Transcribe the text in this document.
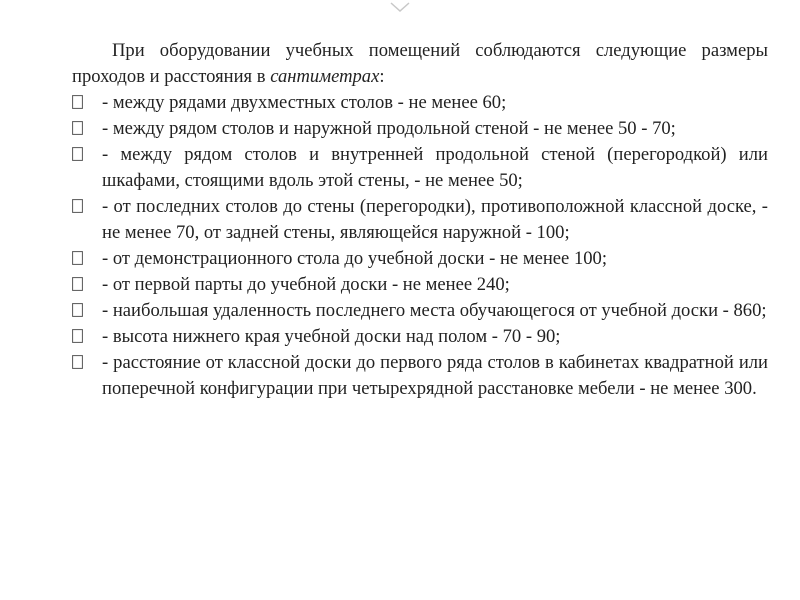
При оборудовании учебных помещений соблюдаются следующие размеры проходов и расстояния в сантиметрах:

- между рядами двухместных столов - не менее 60;
- между рядом столов и наружной продольной стеной - не менее 50 - 70;
- между рядом столов и внутренней продольной стеной (перегородкой) или шкафами, стоящими вдоль этой стены, - не менее 50;
- от последних столов до стены (перегородки), противоположной классной доске, - не менее 70, от задней стены, являющейся наружной - 100;
- от демонстрационного стола до учебной доски - не менее 100;
- от первой парты до учебной доски - не менее 240;
- наибольшая удаленность последнего места обучающегося от учебной доски - 860;
- высота нижнего края учебной доски над полом - 70 - 90;
- расстояние от классной доски до первого ряда столов в кабинетах квадратной или поперечной конфигурации при четырехрядной расстановке мебели - не менее 300.
